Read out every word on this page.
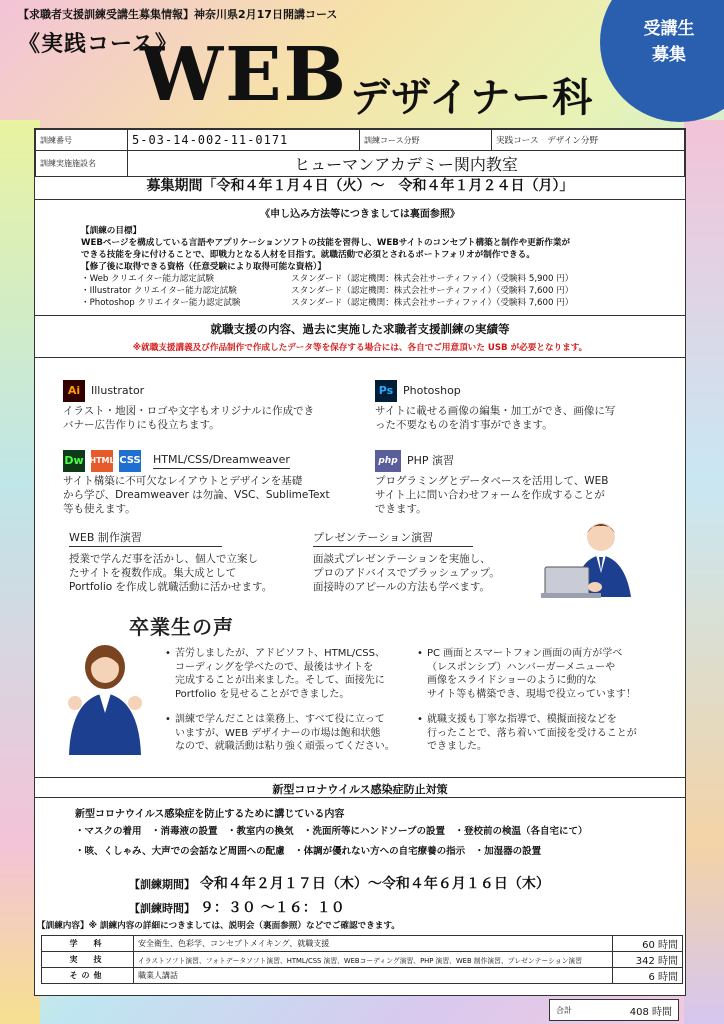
受講生
募集
【求職者支援訓練受講生募集情報】神奈川県2月17日開講コース
《実践コース》
WEB デザイナー科
訓練番号	5-03-14-002-11-0171	訓練コース分野	実践コース　デザイン分野
訓練実施施設名	ヒューマンアカデミー関内教室		
募集期間「令和４年１月４日（火）～　令和４年１月２４日（月）」
《申し込み方法等につきましては裏面参照》
【訓練の目標】
WEBページを構成している言語やアプリケーションソフトの技能を習得し、WEBサイトのコンセプト構築と制作や更新作業が
できる技能を身に付けることで、即戦力となる人材を目指す。就職活動で必須とされるポートフォリオが制作できる。
【修了後に取得できる資格（任意受験により取得可能な資格）】
・Web クリエイター能力認定試験	スタンダード（認定機関：株式会社サーティファイ）（受験料 5,900 円）
・Illustrator クリエイター能力認定試験	スタンダード（認定機関：株式会社サーティファイ）（受験料 7,600 円）
・Photoshop クリエイター能力認定試験	スタンダード（認定機関：株式会社サーティファイ）（受験料 7,600 円）
就職支援の内容、過去に実施した求職者支援訓練の実績等
※就職支援講義及び作品制作で作成したデータ等を保存する場合には、各自でご用意頂いた USB が必要となります。
Ai Illustrator
イラスト・地図・ロゴや文字もオリジナルに作成でき
バナー広告作りにも役立ちます。
Ps Photoshop
サイトに載せる画像の編集・加工ができ、画像に写
った不要なものを消す事ができます。
Dw HTML CSS HTML/CSS/Dreamweaver
サイト構築に不可欠なレイアウトとデザインを基礎
から学び、Dreamweaver は勿論、VSC、SublimeText
等も使えます。
php PHP 演習
プログラミングとデータベースを活用して、WEB
サイト上に問い合わせフォームを作成することが
できます。
WEB 制作演習
授業で学んだ事を活かし、個人で立案し
たサイトを複数作成。集大成として
Portfolio を作成し就職活動に活かせます。
プレゼンテーション演習
面談式プレゼンテーションを実施し、
プロのアドバイスでブラッシュアップ。
面接時のアピールの方法も学べます。
卒業生の声
• 苦労しましたが、アドビソフト、HTML/CSS、
コーディングを学べたので、最後はサイトを
完成することが出来ました。そして、面接先に
Portfolio を見せることができました。
• 訓練で学んだことは業務上、すべて役に立って
いますが、WEB デザイナーの市場は飽和状態
なので、就職活動は粘り強く頑張ってください。
• PC 画面とスマートフォン画面の両方が学べ
（レスポンシブ）ハンバーガーメニューや
画像をスライドショーのように動的な
サイト等も構築でき、現場で役立っています！
• 就職支援も丁寧な指導で、模擬面接などを
行ったことで、落ち着いて面接を受けることが
できました。
新型コロナウイルス感染症防止対策
新型コロナウイルス感染症を防止するために講じている内容
・マスクの着用　・消毒液の設置　・教室内の換気　・洗面所等にハンドソープの設置　・登校前の検温（各自宅にて）
・咳、くしゃみ、大声での会話など周囲への配慮　・体調が優れない方への自宅療養の指示　・加湿器の設置
【訓練期間】 令和４年２月１７日（木）～令和４年６月１６日（木）
【訓練時間】 ９：３０ ～１６：１０
【訓練内容】※ 訓練内容の詳細につきましては、説明会（裏面参照）などでご確認できます。
学　科	安全衛生、色彩学、コンセプトメイキング、就職支援	60 時間
実　技	イラストソフト演習、フォトデータソフト演習、HTML/CSS 演習、WEBコーディング演習、PHP 演習、WEB 制作演習、プレゼンテーション演習	342 時間
その他	職業人講話	6 時間
合計	408 時間
